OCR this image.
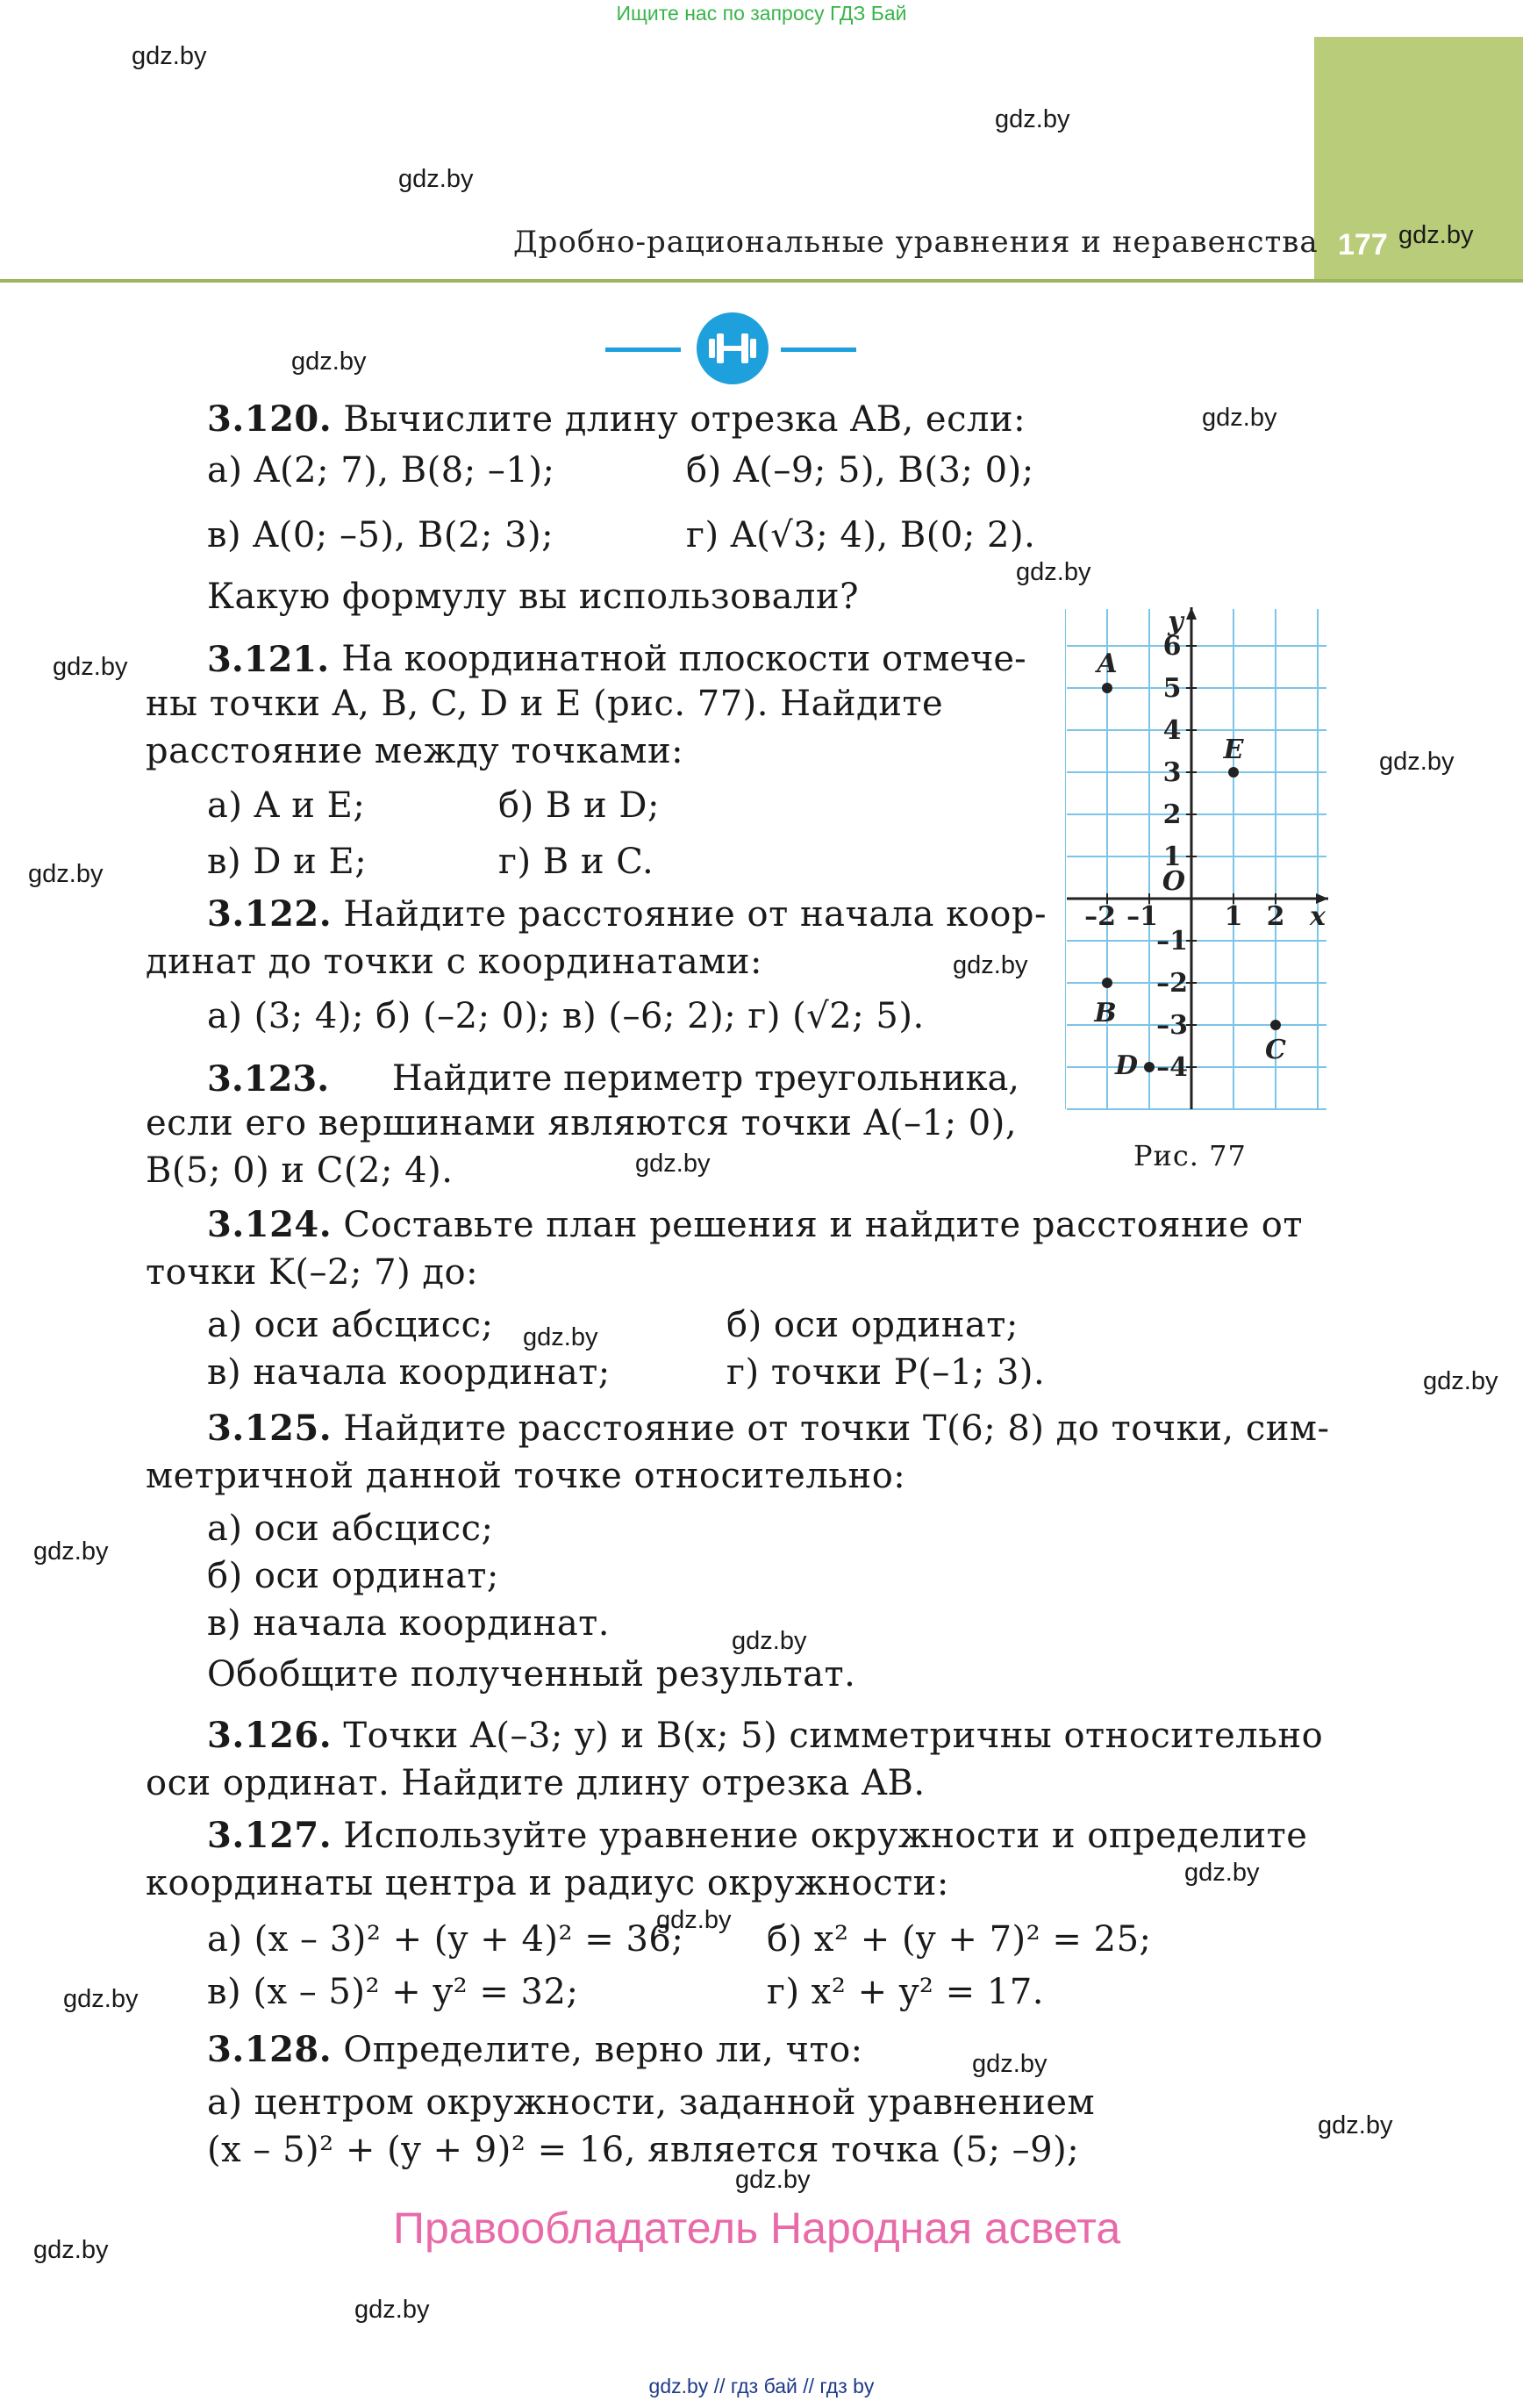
Ищите нас по запросу ГДЗ Бай
Дробно-рациональные уравнения и неравенства 177
3.120. Вычислите длину отрезка AB, если:
а) A(2; 7), B(8; –1);	б) A(–9; 5), B(3; 0);
в) A(0; –5), B(2; 3);	г) A(√3; 4), B(0; 2).
Какую формулу вы использовали?
3.121. На координатной плоскости отмече-
ны точки A, B, C, D и E (рис. 77). Найдите
расстояние между точками:
а) A и E;	б) B и D;
в) D и E;	г) B и C.
3.122. Найдите расстояние от начала коор-
динат до точки с координатами:
а) (3; 4); б) (–2; 0); в) (–6; 2); г) (√2; 5).
3.123. Найдите периметр треугольника,
если его вершинами являются точки A(–1; 0),
B(5; 0) и C(2; 4).
x
y
O
–2 –1	1 2
6
5
4
3
2
1
–1
–2
–3
–4
A
E
B
C
D
Рис. 77
3.124. Составьте план решения и найдите расстояние от
точки K(–2; 7) до:
а) оси абсцисс;	б) оси ординат;
в) начала координат;	г) точки P(–1; 3).
3.125. Найдите расстояние от точки T(6; 8) до точки, сим-
метричной данной точке относительно:
а) оси абсцисс;
б) оси ординат;
в) начала координат.
Обобщите полученный результат.
3.126. Точки A(–3; y) и B(x; 5) симметричны относительно
оси ординат. Найдите длину отрезка AB.
3.127. Используйте уравнение окружности и определите
координаты центра и радиус окружности:
а) (x – 3)² + (y + 4)² = 36; б) x² + (y + 7)² = 25;
в) (x – 5)² + y² = 32;	г) x² + y² = 17.
3.128. Определите, верно ли, что:
а) центром окружности, заданной уравнением
(x – 5)² + (y + 9)² = 16, является точка (5; –9);
Правообладатель Народная асвета
gdz.by // гдз бай // гдз by
gdz.by
gdz.by
gdz.by
gdz.by
gdz.by
gdz.by
gdz.by
gdz.by
gdz.by
gdz.by
gdz.by
gdz.by
gdz.by
gdz.by
gdz.by
gdz.by
gdz.by
gdz.by
gdz.by
gdz.by
gdz.by
gdz.by
gdz.by
gdz.by
